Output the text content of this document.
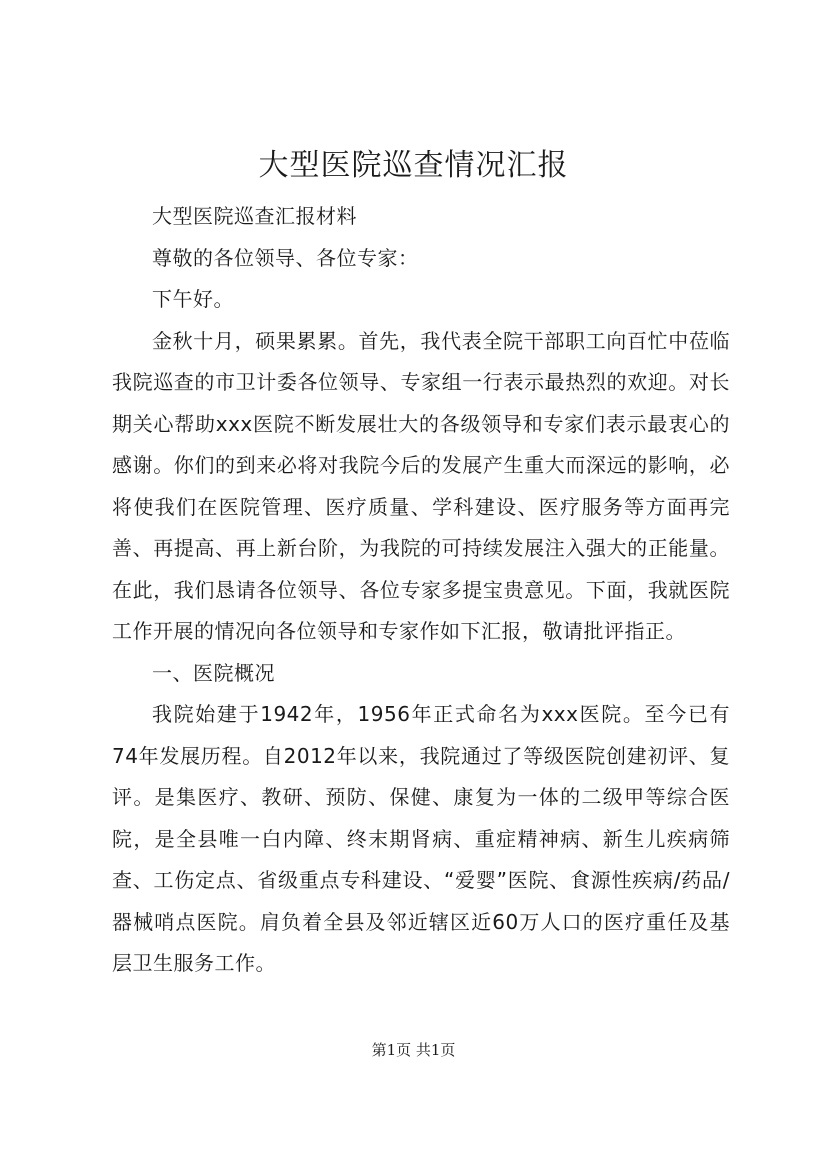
大型医院巡查情况汇报

大型医院巡查汇报材料

尊敬的各位领导、各位专家：

下午好。

金秋十月，硕果累累。首先，我代表全院干部职工向百忙中莅临我院巡查的市卫计委各位领导、专家组一行表示最热烈的欢迎。对长期关心帮助xxx医院不断发展壮大的各级领导和专家们表示最衷心的感谢。你们的到来必将对我院今后的发展产生重大而深远的影响，必将使我们在医院管理、医疗质量、学科建设、医疗服务等方面再完善、再提高、再上新台阶，为我院的可持续发展注入强大的正能量。在此，我们恳请各位领导、各位专家多提宝贵意见。下面，我就医院工作开展的情况向各位领导和专家作如下汇报，敬请批评指正。

一、医院概况

我院始建于1942年，1956年正式命名为xxx医院。至今已有74年发展历程。自2012年以来，我院通过了等级医院创建初评、复评。是集医疗、教研、预防、保健、康复为一体的二级甲等综合医院，是全县唯一白内障、终末期肾病、重症精神病、新生儿疾病筛查、工伤定点、省级重点专科建设、“爱婴”医院、食源性疾病/药品/器械哨点医院。肩负着全县及邻近辖区近60万人口的医疗重任及基层卫生服务工作。

第1页 共1页
